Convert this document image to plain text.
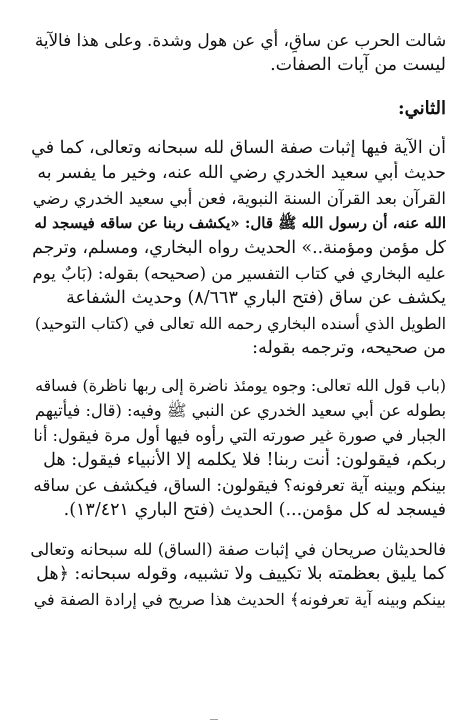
شالت الحرب عن ساقٍ، أي عن هول وشدة. وعلى هذا فالآية
ليست من آيات الصفات.

الثاني:

أن الآية فيها إثبات صفة الساق لله سبحانه وتعالى، كما في
حديث أبي سعيد الخدري رضي الله عنه، وخير ما يفسر به
القرآن بعد القرآن السنة النبوية، فعن أبي سعيد الخدري رضي
الله عنه، أن رسول الله ﷺ قال: «يكشف ربنا عن ساقه فيسجد له
كل مؤمن ومؤمنة..» الحديث رواه البخاري، ومسلم، وترجم
عليه البخاري في كتاب التفسير من (صحيحه) بقوله: (بَابٌ يوم
يكشف عن ساق (فتح الباري ٨/٦٦٣) وحديث الشفاعة
الطويل الذي أسنده البخاري رحمه الله تعالى في (كتاب التوحيد)
من صحيحه، وترجمه بقوله:

(باب قول الله تعالى: وجوه يومئذ ناضرة إلى ربها ناظرة) فساقه
بطوله عن أبي سعيد الخدري عن النبي ﷺ وفيه: (قال: فيأتيهم
الجبار في صورة غير صورته التي رأوه فيها أول مرة فيقول: أنا
ربكم، فيقولون: أنت ربنا! فلا يكلمه إلا الأنبياء فيقول: هل
بينكم وبينه آية تعرفونه؟ فيقولون: الساق، فيكشف عن ساقه
فيسجد له كل مؤمن...) الحديث (فتح الباري ١٣/٤٢١).

فالحديثان صريحان في إثبات صفة (الساق) لله سبحانه وتعالى
كما يليق بعظمته بلا تكييف ولا تشبيه، وقوله سبحانه: ﴿هل
بينكم وبينه آية تعرفونه﴾ الحديث هذا صريح في إرادة الصفة في
